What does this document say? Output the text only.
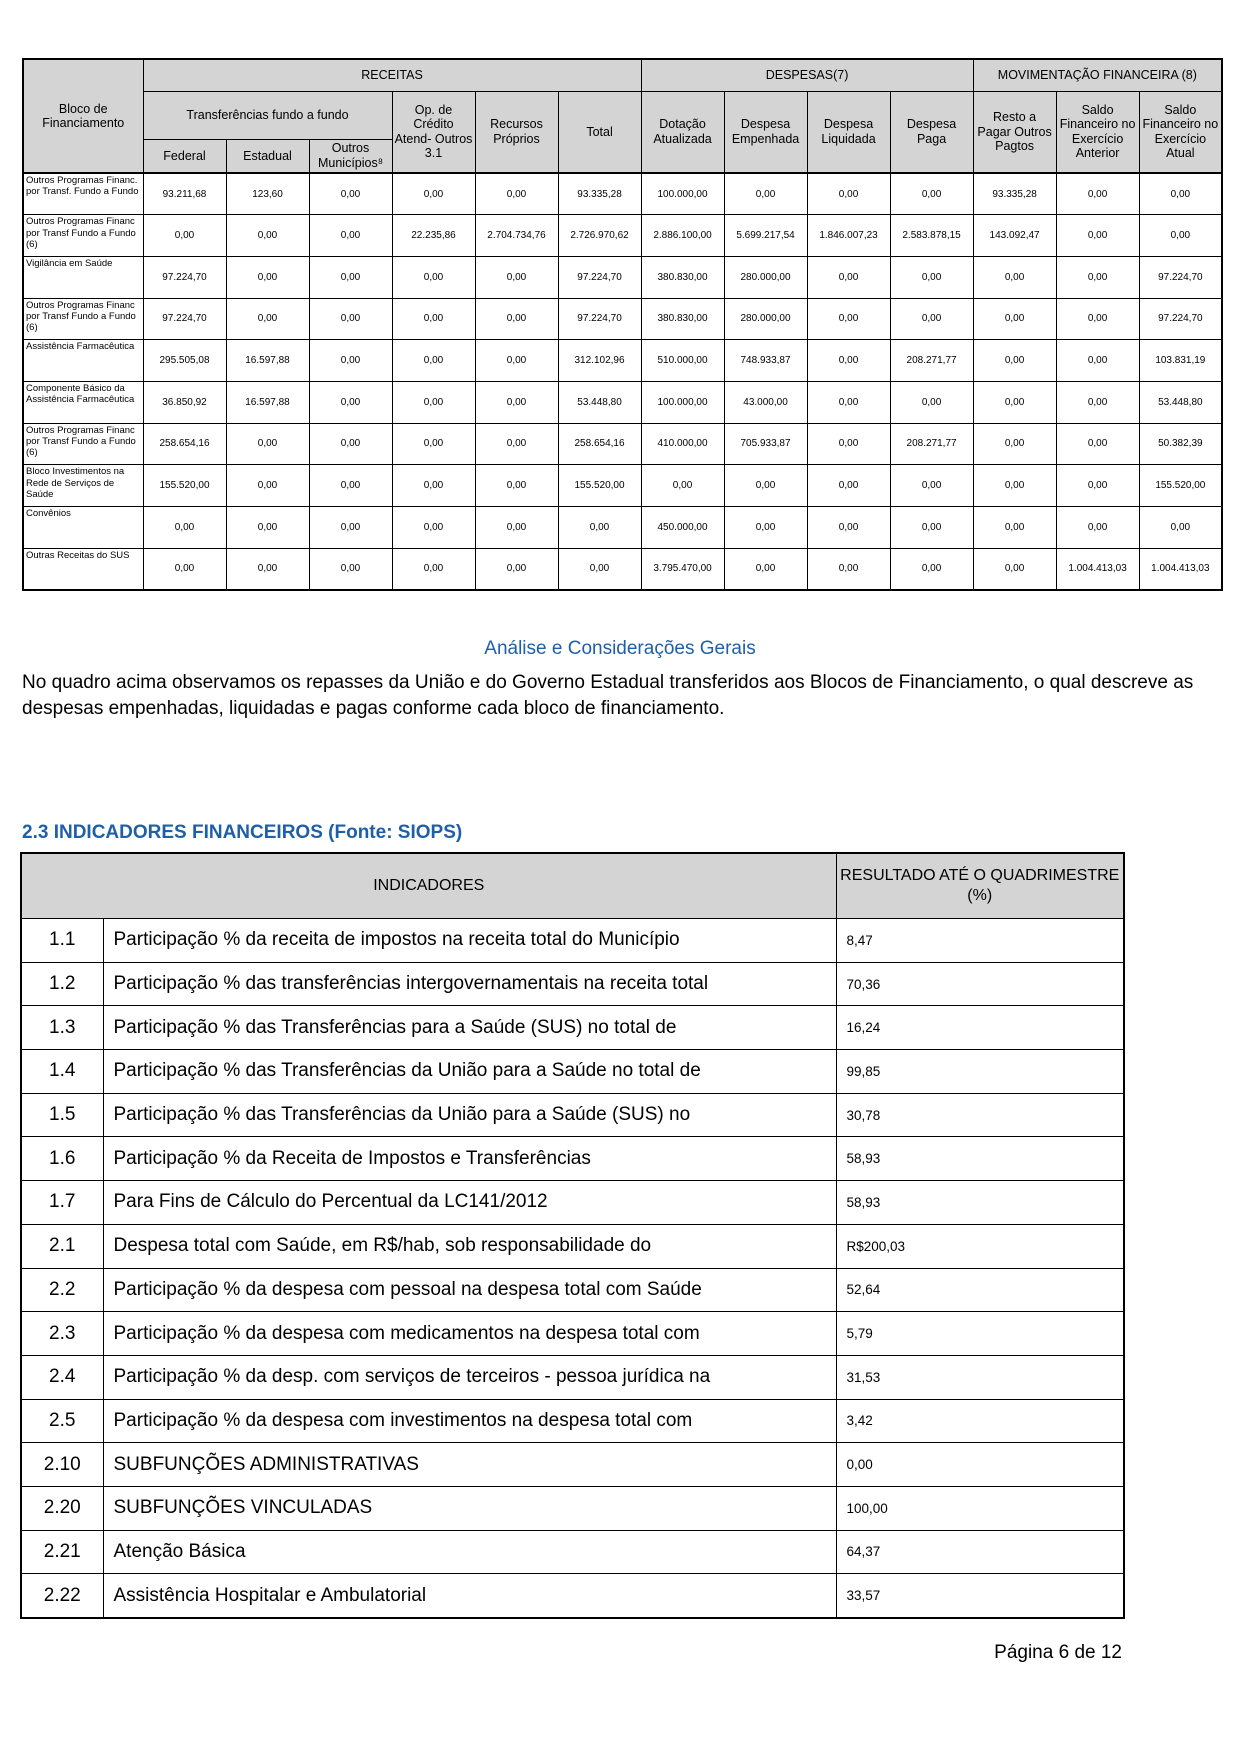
Bloco de Financiamento	RECEITAS						DESPESAS(7)				MOVIMENTAÇÃO FINANCEIRA (8)		
	Transferências fundo a fundo			Op. de Crédito Atend- Outros 3.1	Recursos Próprios	Total	Dotação Atualizada	Despesa Empenhada	Despesa Liquidada	Despesa Paga	Resto a Pagar Outros Pagtos	Saldo Financeiro no Exercício Anterior	Saldo Financeiro no Exercício Atual
	Federal	Estadual	Outros Municípios⁸										
Outros Programas Financ. por Transf. Fundo a Fundo	93.211,68	123,60	0,00	0,00	0,00	93.335,28	100.000,00	0,00	0,00	0,00	93.335,28	0,00	0,00
Outros Programas Financ por Transf Fundo a Fundo (6)	0,00	0,00	0,00	22.235,86	2.704.734,76	2.726.970,62	2.886.100,00	5.699.217,54	1.846.007,23	2.583.878,15	143.092,47	0,00	0,00
Vigilância em Saúde	97.224,70	0,00	0,00	0,00	0,00	97.224,70	380.830,00	280.000,00	0,00	0,00	0,00	0,00	97.224,70
Outros Programas Financ por Transf Fundo a Fundo (6)	97.224,70	0,00	0,00	0,00	0,00	97.224,70	380.830,00	280.000,00	0,00	0,00	0,00	0,00	97.224,70
Assistência Farmacêutica	295.505,08	16.597,88	0,00	0,00	0,00	312.102,96	510.000,00	748.933,87	0,00	208.271,77	0,00	0,00	103.831,19
Componente Básico da Assistência Farmacêutica	36.850,92	16.597,88	0,00	0,00	0,00	53.448,80	100.000,00	43.000,00	0,00	0,00	0,00	0,00	53.448,80
Outros Programas Financ por Transf Fundo a Fundo (6)	258.654,16	0,00	0,00	0,00	0,00	258.654,16	410.000,00	705.933,87	0,00	208.271,77	0,00	0,00	50.382,39
Bloco Investimentos na Rede de Serviços de Saúde	155.520,00	0,00	0,00	0,00	0,00	155.520,00	0,00	0,00	0,00	0,00	0,00	0,00	155.520,00
Convênios	0,00	0,00	0,00	0,00	0,00	0,00	450.000,00	0,00	0,00	0,00	0,00	0,00	0,00
Outras Receitas do SUS	0,00	0,00	0,00	0,00	0,00	0,00	3.795.470,00	0,00	0,00	0,00	0,00	1.004.413,03	1.004.413,03
Análise e Considerações Gerais
No quadro acima observamos os repasses da União e do Governo Estadual transferidos aos Blocos de Financiamento, o qual descreve as despesas empenhadas, liquidadas e pagas conforme cada bloco de financiamento.
2.3 INDICADORES FINANCEIROS (Fonte: SIOPS)
INDICADORES		RESULTADO ATÉ O QUADRIMESTRE (%)
1.1	Participação % da receita de impostos na receita total do Município	8,47
1.2	Participação % das transferências intergovernamentais na receita total	70,36
1.3	Participação % das Transferências para a Saúde (SUS) no total de	16,24
1.4	Participação % das Transferências da União para a Saúde no total de	99,85
1.5	Participação % das Transferências da União para a Saúde (SUS) no	30,78
1.6	Participação % da Receita de Impostos e Transferências	58,93
1.7	Para Fins de Cálculo do Percentual da LC141/2012	58,93
2.1	Despesa total com Saúde, em R$/hab, sob responsabilidade do	R$200,03
2.2	Participação % da despesa com pessoal na despesa total com Saúde	52,64
2.3	Participação % da despesa com medicamentos na despesa total com	5,79
2.4	Participação % da desp. com serviços de terceiros - pessoa jurídica na	31,53
2.5	Participação % da despesa com investimentos na despesa total com	3,42
2.10	SUBFUNÇÕES ADMINISTRATIVAS	0,00
2.20	SUBFUNÇÕES VINCULADAS	100,00
2.21	Atenção Básica	64,37
2.22	Assistência Hospitalar e Ambulatorial	33,57
Página 6 de 12
